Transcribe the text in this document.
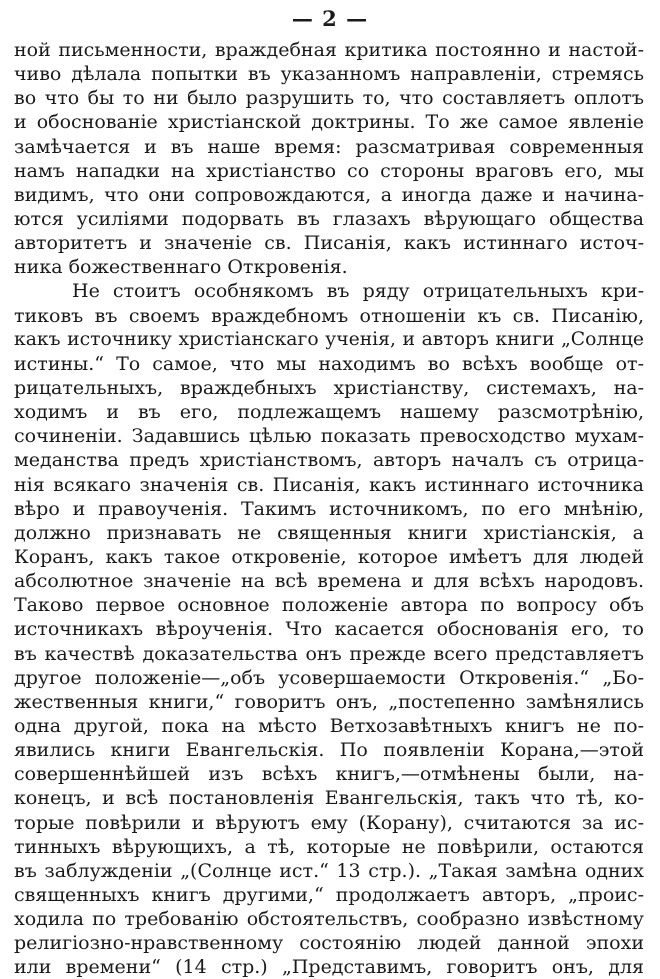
— 2 —
ной письменности, враждебная критика постоянно и настой-
чиво дѣлала попытки въ указанномъ направленіи, стремясь
во что бы то ни было разрушить то, что составляетъ оплотъ
и обоснованіе христіанской доктрины. То же самое явленіе
замѣчается и въ наше время: разсматривая современныя
намъ нападки на христіанство со стороны враговъ его, мы
видимъ, что они сопровождаются, а иногда даже и начина-
ются усиліями подорвать въ глазахъ вѣрующаго общества
авторитетъ и значеніе св. Писанія, какъ истиннаго источ-
ника божественнаго Откровенія.
Не стоитъ особнякомъ въ ряду отрицательныхъ кри-
тиковъ въ своемъ враждебномъ отношеніи къ св. Писанію,
какъ источнику христіанскаго ученія, и авторъ книги „Солнце
истины.“ То самое, что мы находимъ во всѣхъ вообще от-
рицательныхъ, враждебныхъ христіанству, системахъ, на-
ходимъ и въ его, подлежащемъ нашему разсмотрѣнію,
сочиненіи. Задавшись цѣлью показать превосходство мухам-
меданства предъ христіанствомъ, авторъ началъ съ отрица-
нія всякаго значенія св. Писанія, какъ истиннаго источника
вѣро и правоученія. Такимъ источникомъ, по его мнѣнію,
должно признавать не священныя книги христіанскія, а
Коранъ, какъ такое откровеніе, которое имѣетъ для людей
абсолютное значеніе на всѣ времена и для всѣхъ народовъ.
Таково первое основное положеніе автора по вопросу объ
источникахъ вѣроученія. Что касается обоснованія его, то
въ качествѣ доказательства онъ прежде всего представляетъ
другое положеніе—„объ усовершаемости Откровенія.“ „Бо-
жественныя книги,“ говоритъ онъ, „постепенно замѣнялись
одна другой, пока на мѣсто Ветхозавѣтныхъ книгъ не по-
явились книги Евангельскія. По появленіи Корана,—этой
совершеннѣйшей изъ всѣхъ книгъ,—отмѣнены были, на-
конецъ, и всѣ постановленія Евангельскія, такъ что тѣ, ко-
торые повѣрили и вѣруютъ ему (Корану), считаются за ис-
тинныхъ вѣрующихъ, а тѣ, которые не повѣрили, остаются
въ заблужденіи „(Солнце ист.“ 13 стр.). „Такая замѣна одних
священныхъ книгъ другими,“ продолжаетъ авторъ, „проис-
ходила по требованію обстоятельствъ, сообразно извѣстному
религіозно-нравственному состоянію людей данной эпохи
или времени“ (14 стр.) „Представимъ, говоритъ онъ, для
